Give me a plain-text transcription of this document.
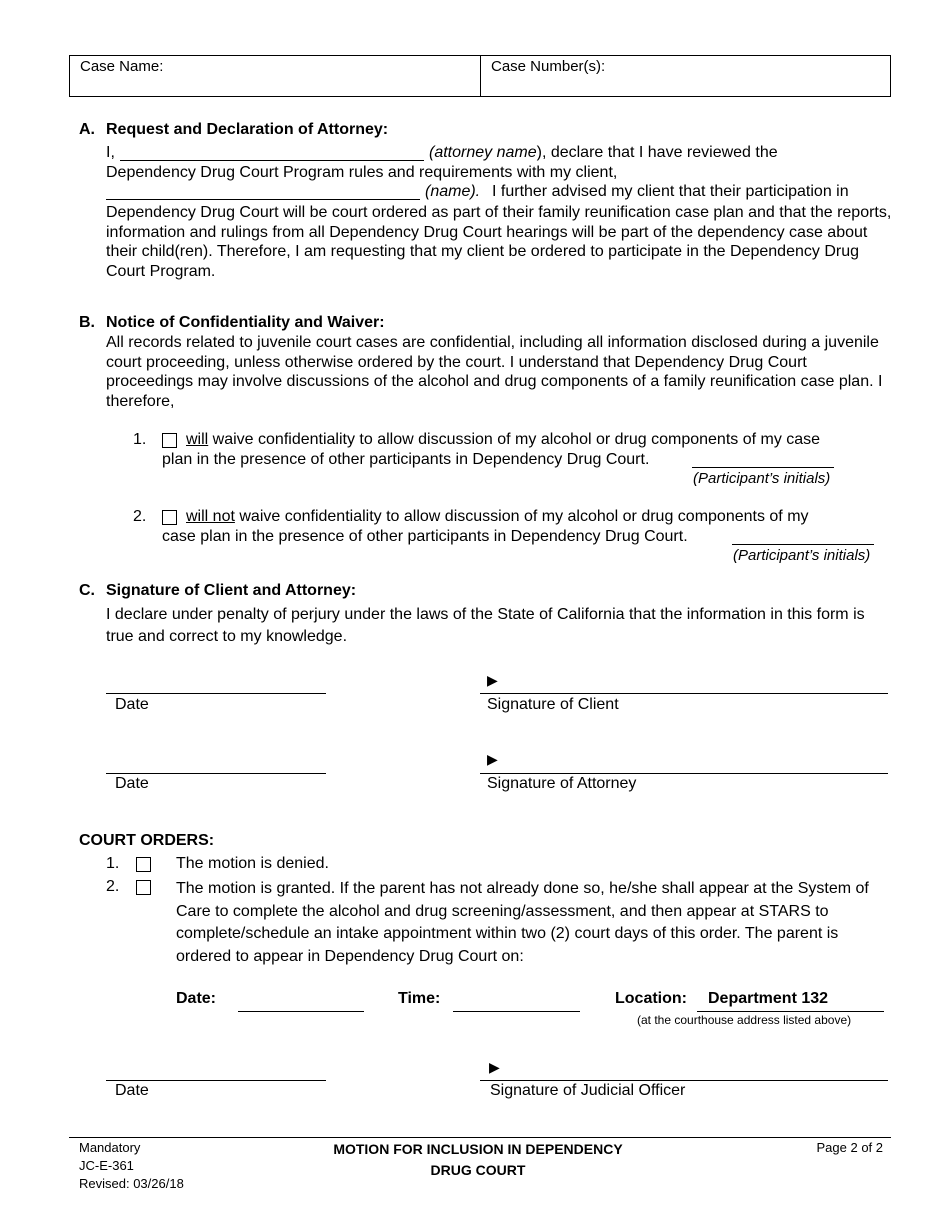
Case Name:	Case Number(s):
A. Request and Declaration of Attorney:
I,	(attorney name), declare that I have reviewed the
Dependency Drug Court Program rules and requirements with my client,
(name). I further advised my client that their participation in
Dependency Drug Court will be court ordered as part of their family reunification case plan and that the reports, information and rulings from all Dependency Drug Court hearings will be part of the dependency case about their child(ren). Therefore, I am requesting that my client be ordered to participate in the Dependency Drug Court Program.
B. Notice of Confidentiality and Waiver:
All records related to juvenile court cases are confidential, including all information disclosed during a juvenile court proceeding, unless otherwise ordered by the court. I understand that Dependency Drug Court proceedings may involve discussions of the alcohol and drug components of a family reunification case plan. I therefore,
1. will waive confidentiality to allow discussion of my alcohol or drug components of my case
plan in the presence of other participants in Dependency Drug Court.
(Participant’s initials)
2. will not waive confidentiality to allow discussion of my alcohol or drug components of my
case plan in the presence of other participants in Dependency Drug Court.
(Participant’s initials)
C. Signature of Client and Attorney:
I declare under penalty of perjury under the laws of the State of California that the information in this form is true and correct to my knowledge.
Date
▶
Signature of Client
Date
▶
Signature of Attorney
COURT ORDERS:
1.	The motion is denied.
2.	The motion is granted. If the parent has not already done so, he/she shall appear at the System of Care to complete the alcohol and drug screening/assessment, and then appear at STARS to complete/schedule an intake appointment within two (2) court days of this order. The parent is ordered to appear in Dependency Drug Court on:
Date:	Time:	Location: Department 132
(at the courthouse address listed above)
Date
▶
Signature of Judicial Officer
Mandatory
JC-E-361
Revised: 03/26/18
MOTION FOR INCLUSION IN DEPENDENCY
DRUG COURT
Page 2 of 2
